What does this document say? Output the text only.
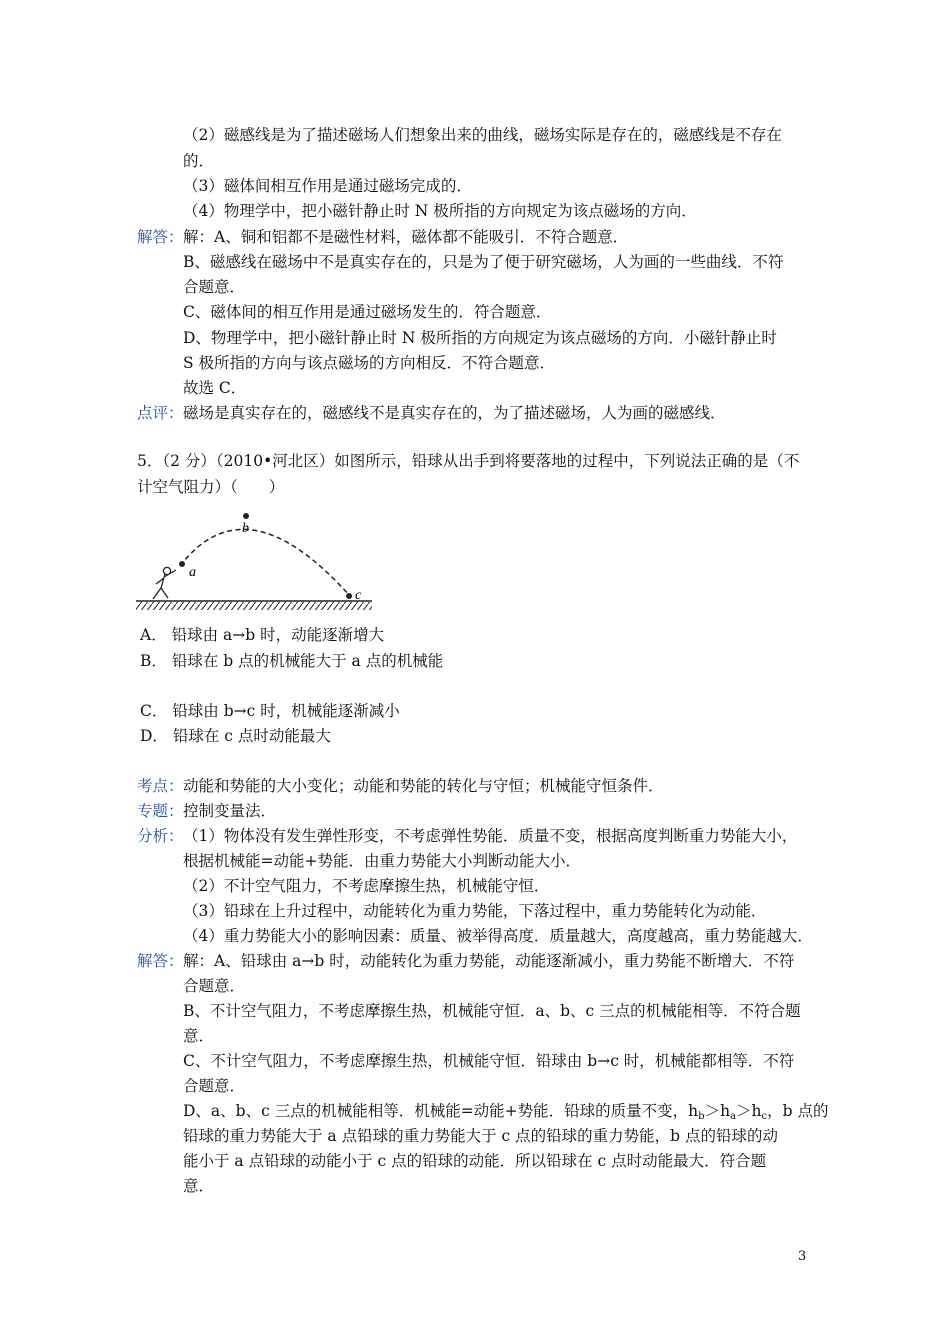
（2）磁感线是为了描述磁场人们想象出来的曲线，磁场实际是存在的，磁感线是不存在
的．
（3）磁体间相互作用是通过磁场完成的．
（4）物理学中，把小磁针静止时 N 极所指的方向规定为该点磁场的方向．
解答： 解：A、铜和铝都不是磁性材料，磁体都不能吸引．不符合题意．
B、磁感线在磁场中不是真实存在的，只是为了便于研究磁场，人为画的一些曲线．不符
合题意．
C、磁体间的相互作用是通过磁场发生的．符合题意．
D、物理学中，把小磁针静止时 N 极所指的方向规定为该点磁场的方向．小磁针静止时
S 极所指的方向与该点磁场的方向相反．不符合题意．
故选 C．
点评： 磁场是真实存在的，磁感线不是真实存在的，为了描述磁场，人为画的磁感线．
5．（2 分）（2010•河北区）如图所示，铅球从出手到将要落地的过程中，下列说法正确的是（不
计空气阻力）（　　）
a
b
c
A． 铅球由 a→b 时，动能逐渐增大
B． 铅球在 b 点的机械能大于 a 点的机械能
C． 铅球由 b→c 时，机械能逐渐减小
D． 铅球在 c 点时动能最大
考点： 动能和势能的大小变化；动能和势能的转化与守恒；机械能守恒条件．
专题： 控制变量法．
分析： （1）物体没有发生弹性形变，不考虑弹性势能．质量不变，根据高度判断重力势能大小，
根据机械能=动能+势能．由重力势能大小判断动能大小．
（2）不计空气阻力，不考虑摩擦生热，机械能守恒．
（3）铅球在上升过程中，动能转化为重力势能，下落过程中，重力势能转化为动能．
（4）重力势能大小的影响因素：质量、被举得高度．质量越大，高度越高，重力势能越大．
解答： 解：A、铅球由 a→b 时，动能转化为重力势能，动能逐渐减小，重力势能不断增大．不符
合题意．
B、不计空气阻力，不考虑摩擦生热，机械能守恒．a、b、c 三点的机械能相等．不符合题
意．
C、不计空气阻力，不考虑摩擦生热，机械能守恒．铅球由 b→c 时，机械能都相等．不符
合题意．
D、a、b、c 三点的机械能相等．机械能=动能+势能．铅球的质量不变，$h_b>h_a>h_c$，b 点的
铅球的重力势能大于 a 点铅球的重力势能大于 c 点的铅球的重力势能，b 点的铅球的动
能小于 a 点铅球的动能小于 c 点的铅球的动能．所以铅球在 c 点时动能最大．符合题
意．
3
